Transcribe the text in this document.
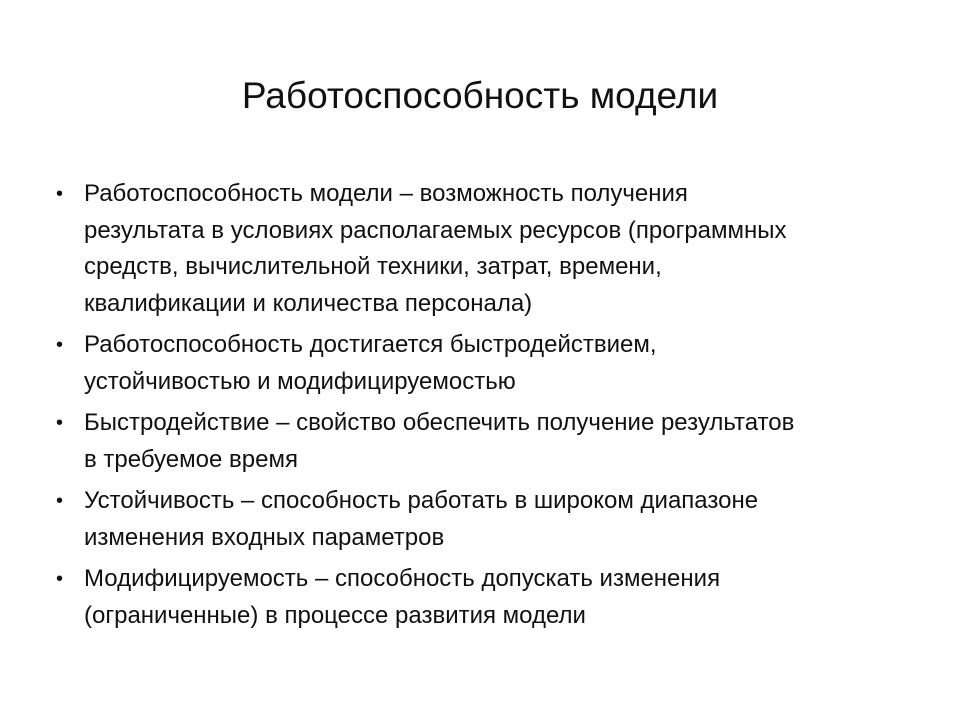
Работоспособность модели
• Работоспособность модели – возможность получения
результата в условиях располагаемых ресурсов (программных
средств, вычислительной техники, затрат, времени,
квалификации и количества персонала)
• Работоспособность достигается быстродействием,
устойчивостью и модифицируемостью
• Быстродействие – свойство обеспечить получение результатов
в требуемое время
• Устойчивость – способность работать в широком диапазоне
изменения входных параметров
• Модифицируемость – способность допускать изменения
(ограниченные) в процессе развития модели
